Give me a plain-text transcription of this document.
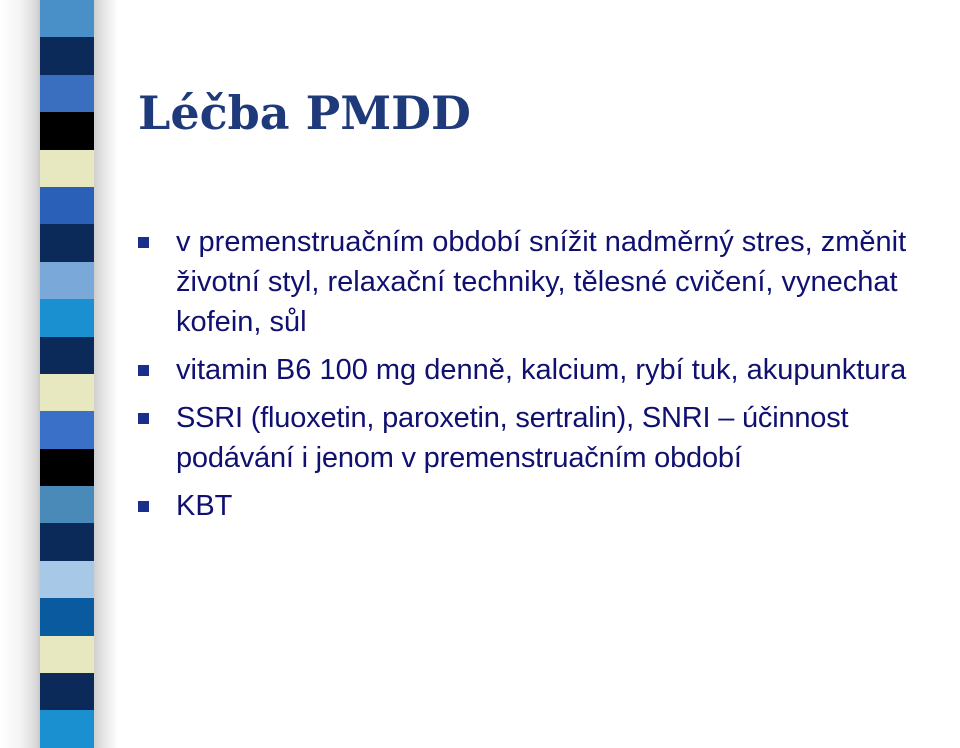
Léčba PMDD
v premenstruačním období snížit nadměrný stres, změnit životní styl, relaxační techniky, tělesné cvičení, vynechat kofein, sůl
vitamin B6 100 mg denně, kalcium, rybí tuk, akupunktura
SSRI (fluoxetin, paroxetin, sertralin), SNRI – účinnost podávání i jenom v premenstruačním období
KBT
